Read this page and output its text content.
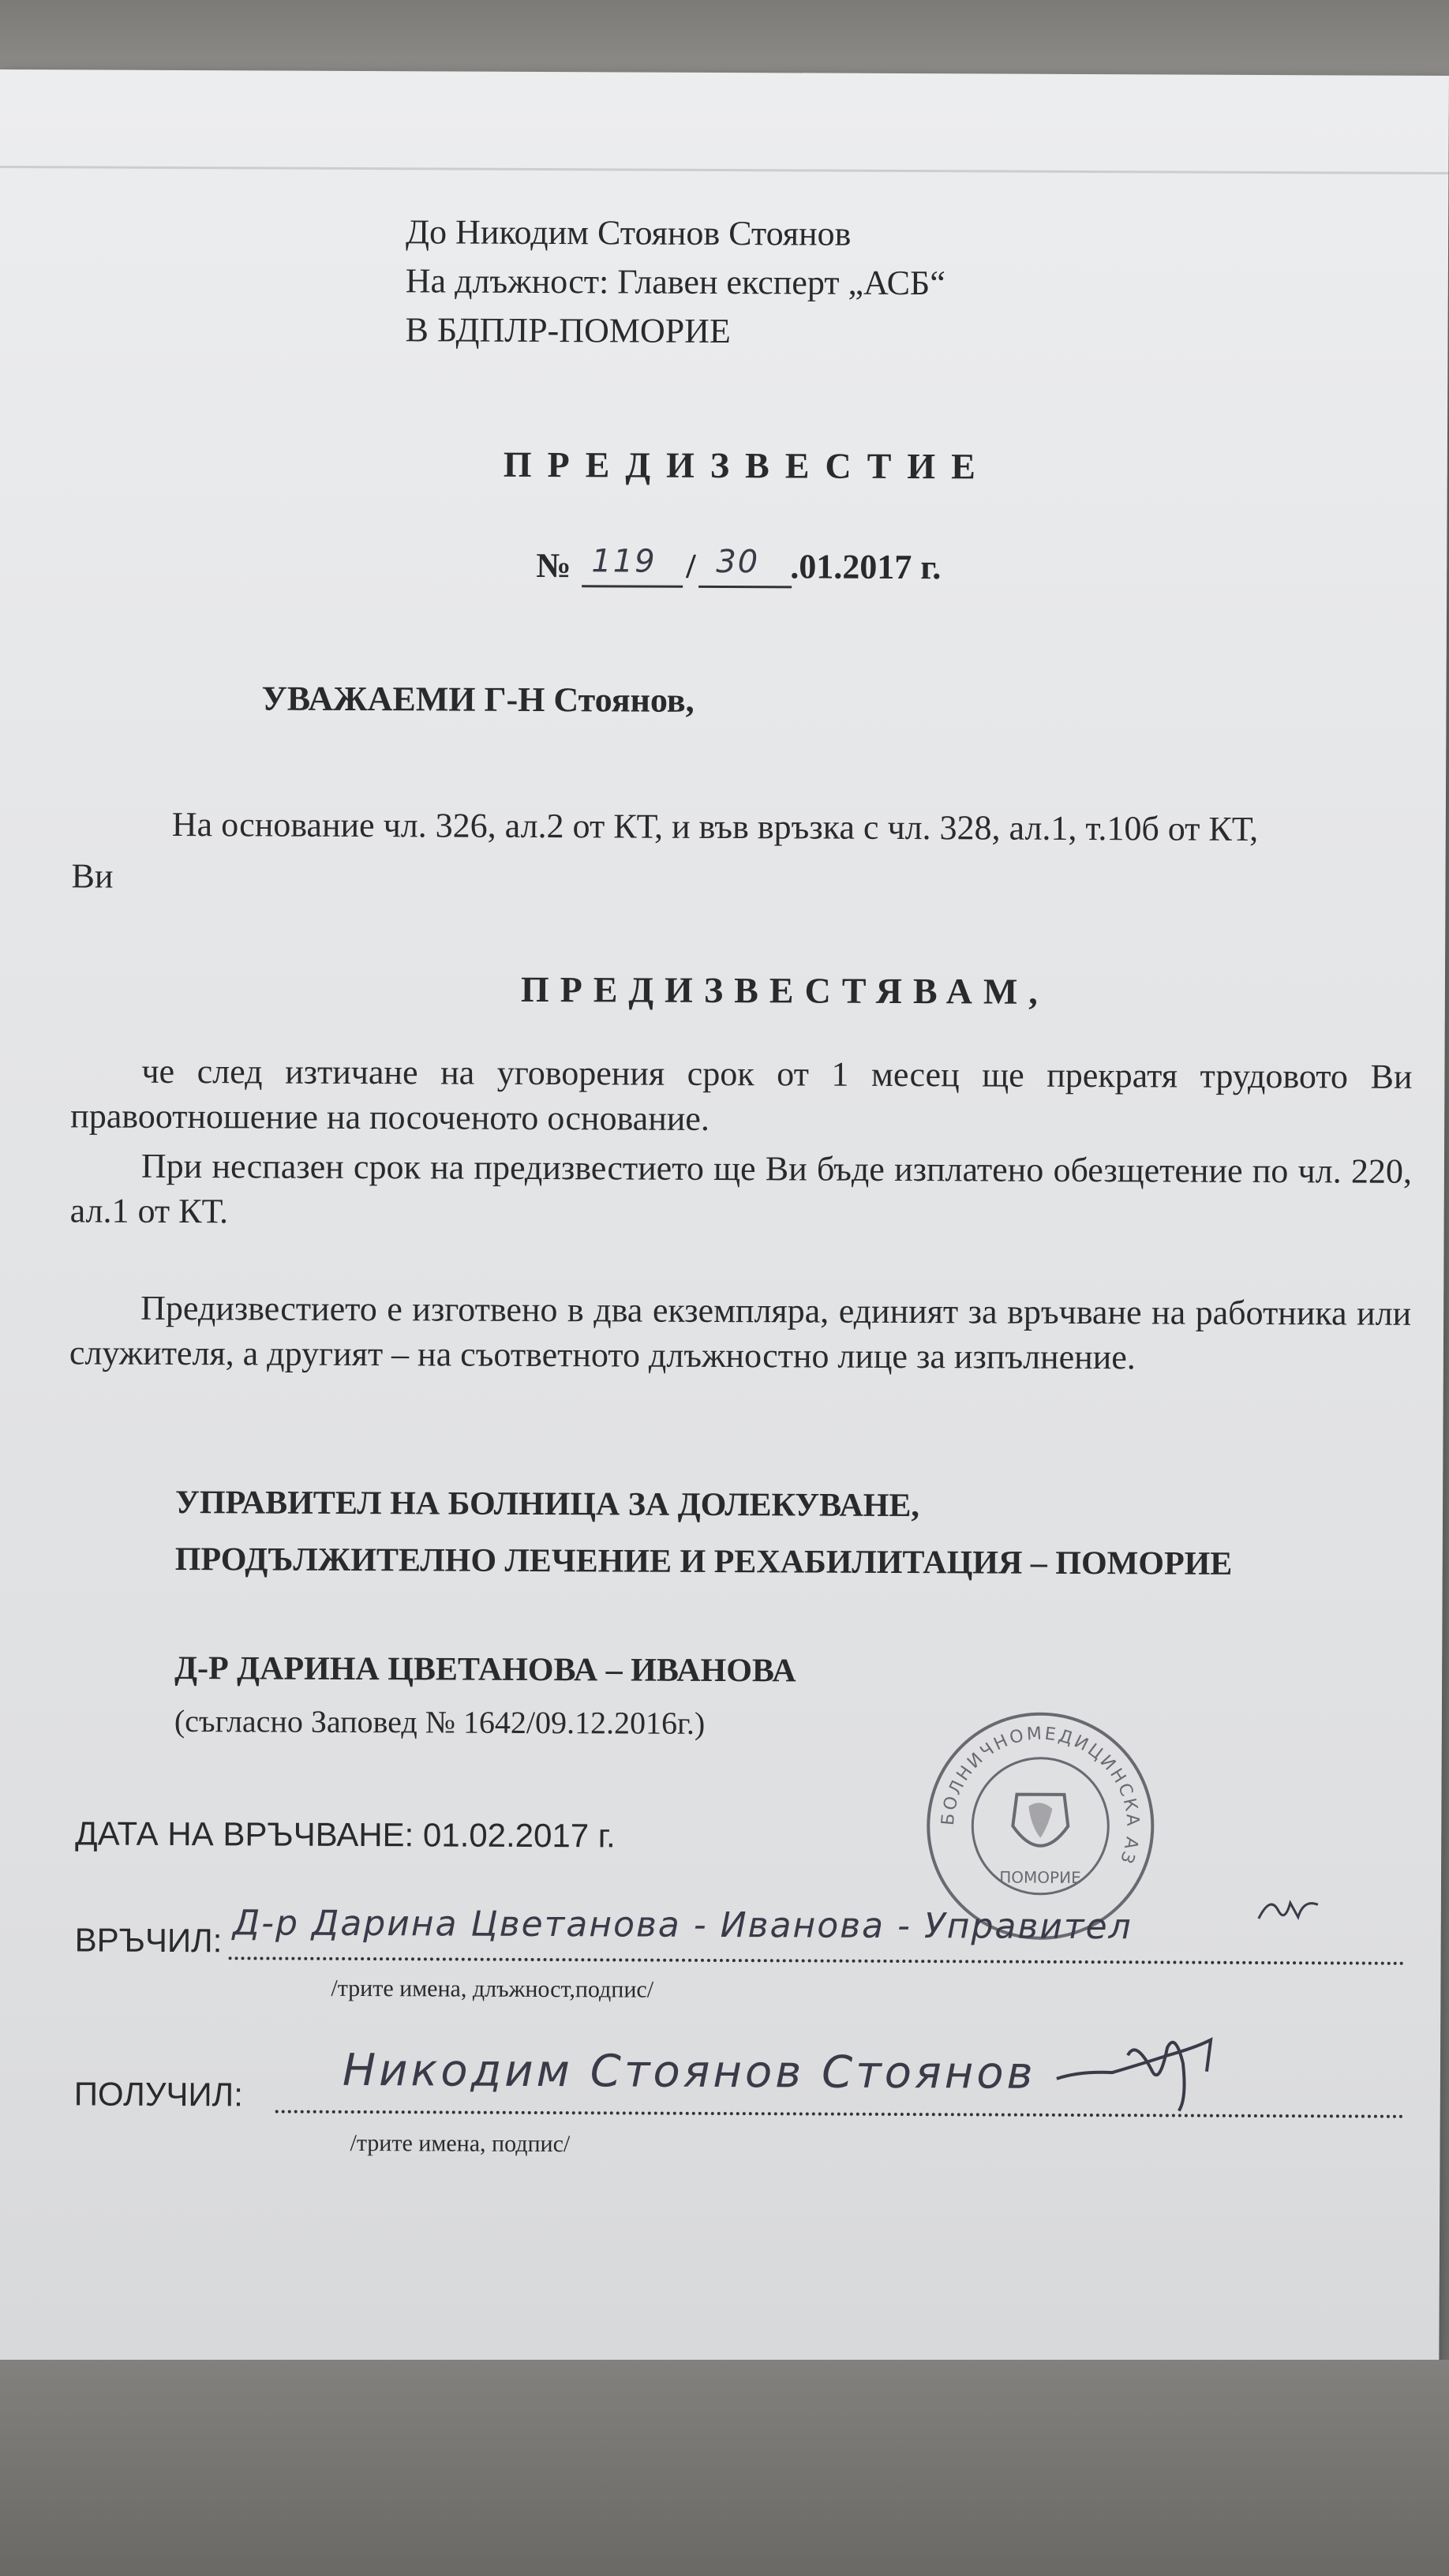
До Никодим Стоянов Стоянов
На длъжност: Главен експерт „АСБ“
В БДПЛР-ПОМОРИЕ
ПРЕДИЗВЕСТИЕ
№ 119 / 30 .01.2017 г.
УВАЖАЕМИ Г-Н Стоянов,
На основание чл. 326, ал.2 от КТ, и във връзка с чл. 328, ал.1, т.10б от КТ,
Ви
ПРЕДИЗВЕСТЯВАМ,
че след изтичане на уговорения срок от 1 месец ще прекратя трудовото Ви правоотношение на посоченото основание.
При неспазен срок на предизвестието ще Ви бъде изплатено обезщетение по чл. 220, ал.1 от КТ.
Предизвестието е изготвено в два екземпляра, единият за връчване на работника или служителя, а другият – на съответното длъжностно лице за изпълнение.
УПРАВИТЕЛ НА БОЛНИЦА ЗА ДОЛЕКУВАНЕ,
ПРОДЪЛЖИТЕЛНО ЛЕЧЕНИЕ И РЕХАБИЛИТАЦИЯ – ПОМОРИЕ
Д-Р ДАРИНА ЦВЕТАНОВА – ИВАНОВА
(съгласно Заповед № 1642/09.12.2016г.)
БОЛНИЧНОМЕДИЦИНСКА АЗ
ПОМОРИЕ
ДАТА НА ВРЪЧВАНЕ: 01.02.2017 г.
ВРЪЧИЛ: Д-р Дарина Цветанова - Иванова - Управител
/трите имена, длъжност,подпис/
ПОЛУЧИЛ: Никодим Стоянов Стоянов
/трите имена, подпис/
